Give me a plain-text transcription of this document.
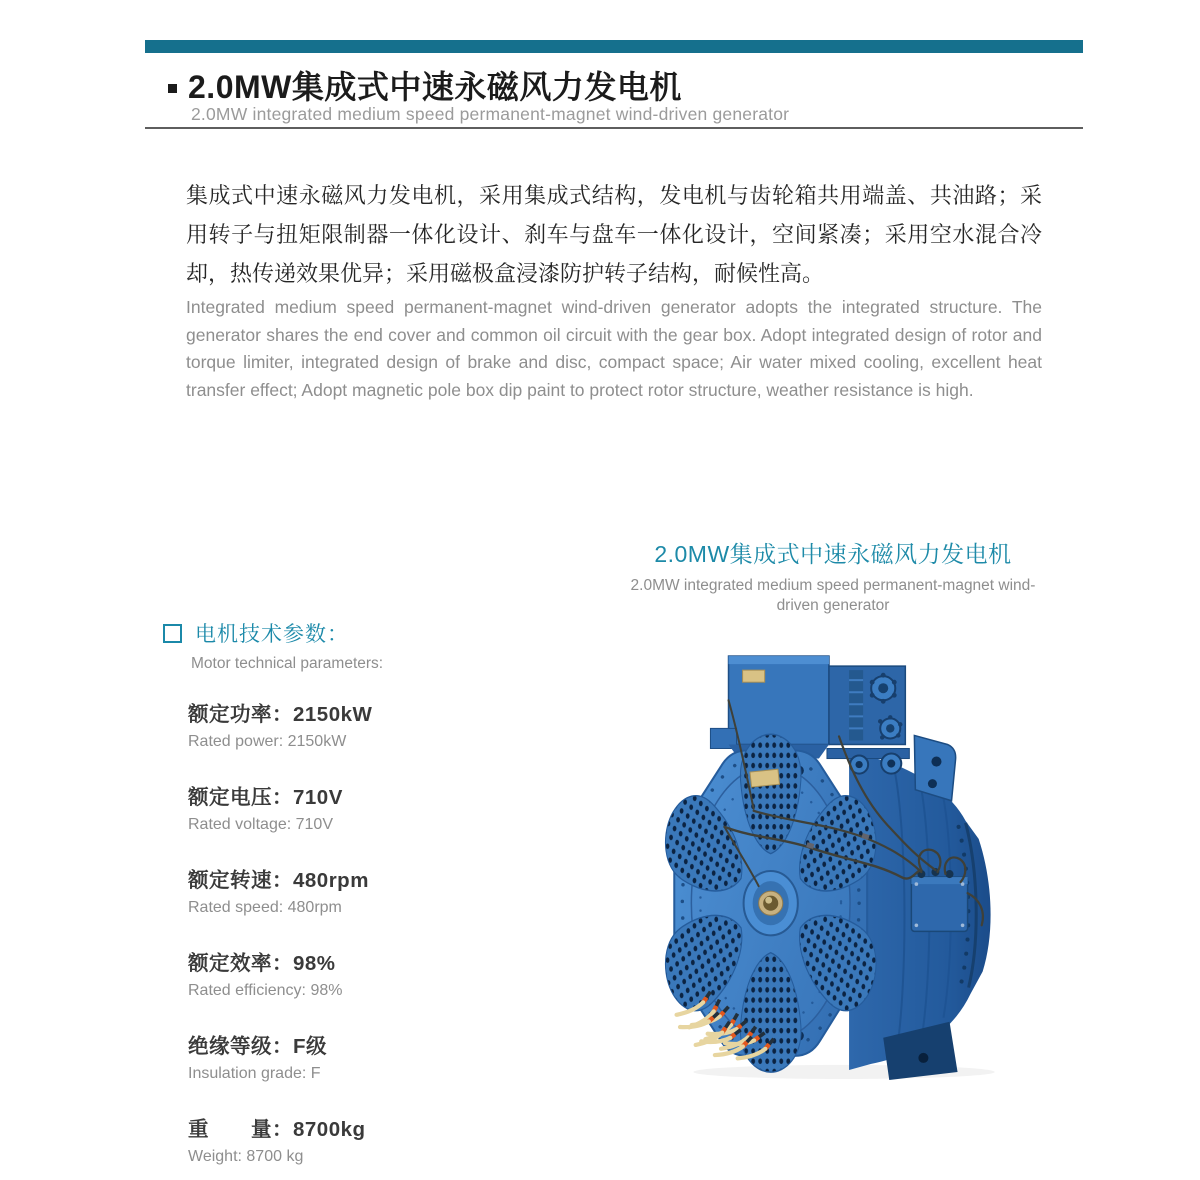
2.0MW集成式中速永磁风力发电机
2.0MW integrated medium speed permanent-magnet wind-driven generator

集成式中速永磁风力发电机，采用集成式结构，发电机与齿轮箱共用端盖、共油路；采用转子与扭矩限制器一体化设计、刹车与盘车一体化设计，空间紧凑；采用空水混合冷却，热传递效果优异；采用磁极盒浸漆防护转子结构，耐候性高。

Integrated medium speed permanent-magnet wind-driven generator adopts the integrated structure. The generator shares the end cover and common oil circuit with the gear box. Adopt integrated design of rotor and torque limiter, integrated design of brake and disc, compact space; Air water mixed cooling, excellent heat transfer effect; Adopt magnetic pole box dip paint to protect rotor structure, weather resistance is high.

2.0MW集成式中速永磁风力发电机
2.0MW integrated medium speed permanent-magnet wind-driven generator
电机技术参数：
Motor technical parameters:
额定功率：2150kW
Rated power: 2150kW
额定电压：710V
Rated voltage: 710V
额定转速：480rpm
Rated speed: 480rpm
额定效率：98%
Rated efficiency: 98%
绝缘等级：F级
Insulation grade: F
重　　量：8700kg
Weight: 8700 kg
